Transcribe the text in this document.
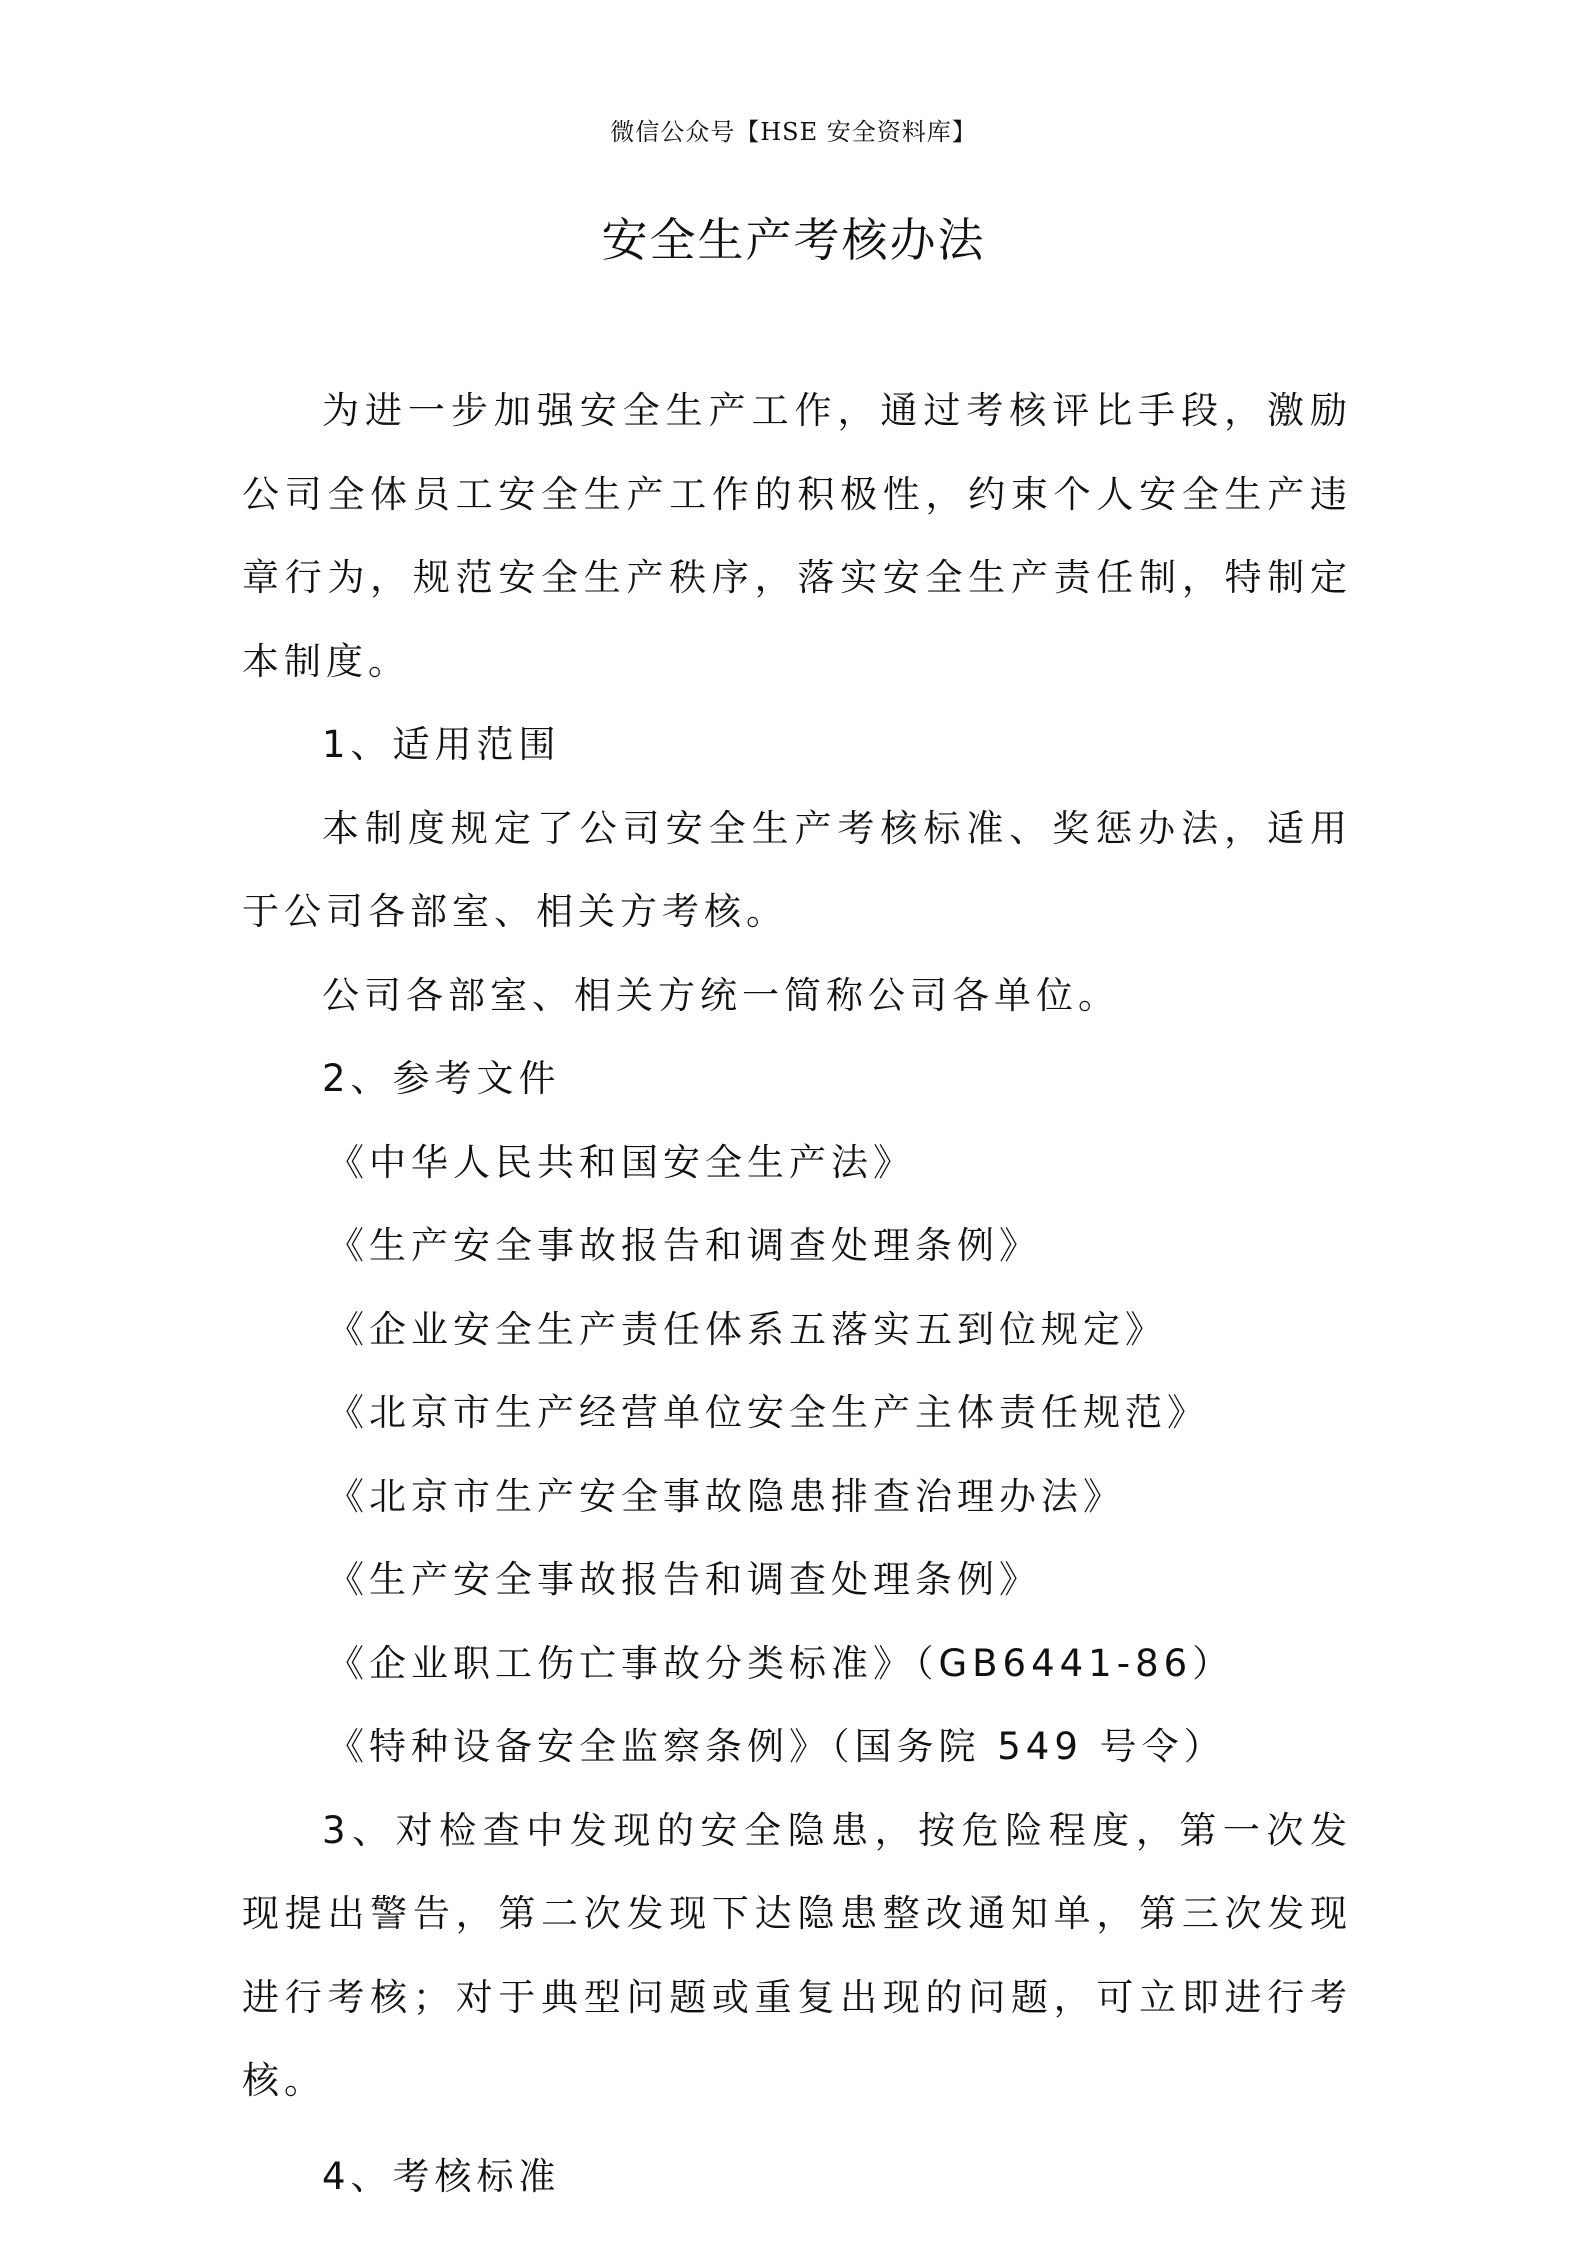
微信公众号【HSE 安全资料库】
安全生产考核办法

为进一步加强安全生产工作，通过考核评比手段，激励公司全体员工安全生产工作的积极性，约束个人安全生产违章行为，规范安全生产秩序，落实安全生产责任制，特制定本制度。

1、适用范围

本制度规定了公司安全生产考核标准、奖惩办法，适用于公司各部室、相关方考核。

公司各部室、相关方统一简称公司各单位。

2、参考文件

《中华人民共和国安全生产法》

《生产安全事故报告和调查处理条例》

《企业安全生产责任体系五落实五到位规定》

《北京市生产经营单位安全生产主体责任规范》

《北京市生产安全事故隐患排查治理办法》

《生产安全事故报告和调查处理条例》

《企业职工伤亡事故分类标准》（GB6441-86）

《特种设备安全监察条例》（国务院 549 号令）

3、对检查中发现的安全隐患，按危险程度，第一次发现提出警告，第二次发现下达隐患整改通知单，第三次发现进行考核；对于典型问题或重复出现的问题，可立即进行考核。

4、考核标准
